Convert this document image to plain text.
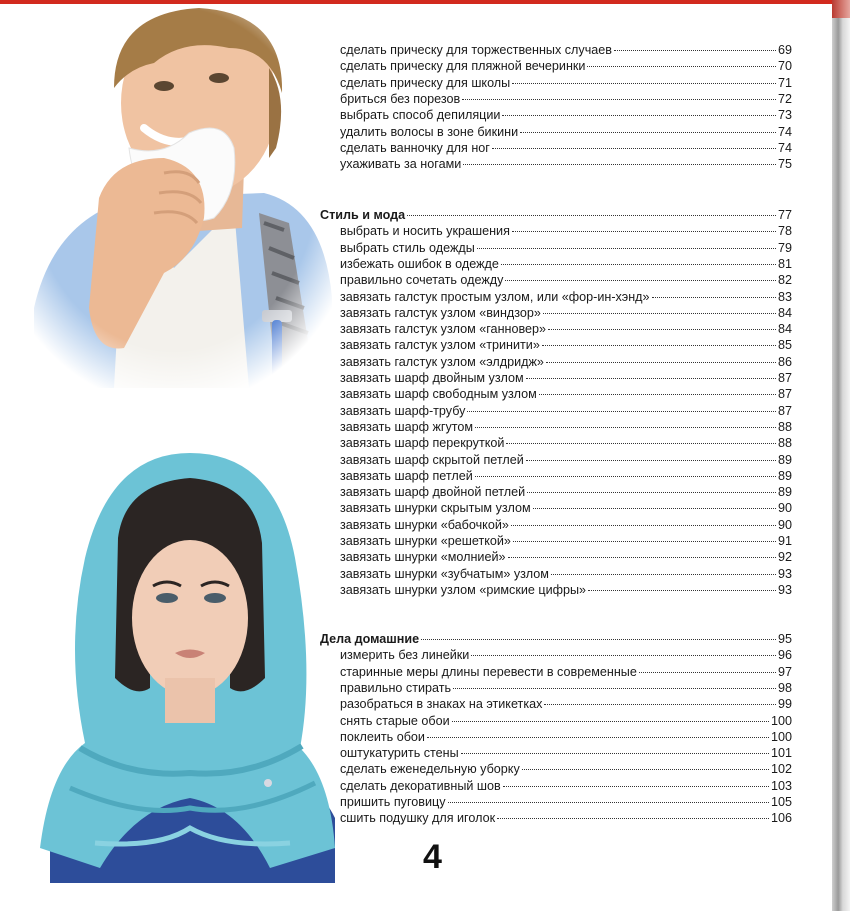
сделать прическу для торжественных случаев	69
сделать прическу для пляжной вечеринки	70
сделать прическу для школы	71
бриться без порезов	72
выбрать способ депиляции	73
удалить волосы в зоне бикини	74
сделать ванночку для ног	74
ухаживать за ногами	75
Стиль и мода	77
выбрать и носить украшения	78
выбрать стиль одежды	79
избежать ошибок в одежде	81
правильно сочетать одежду	82
завязать галстук простым узлом, или «фор-ин-хэнд»	83
завязать галстук узлом «виндзор»	84
завязать галстук узлом «ганновер»	84
завязать галстук узлом «тринити»	85
завязать галстук узлом «элдридж»	86
завязать шарф двойным узлом	87
завязать шарф свободным узлом	87
завязать шарф-трубу	87
завязать шарф жгутом	88
завязать шарф перекруткой	88
завязать шарф скрытой петлей	89
завязать шарф петлей	89
завязать шарф двойной петлей	89
завязать шнурки скрытым узлом	90
завязать шнурки «бабочкой»	90
завязать шнурки «решеткой»	91
завязать шнурки «молнией»	92
завязать шнурки «зубчатым» узлом	93
завязать шнурки узлом «римские цифры»	93
Дела домашние	95
измерить без линейки	96
старинные меры длины перевести в современные	97
правильно стирать	98
разобраться в знаках на этикетках	99
снять старые обои	100
поклеить обои	100
оштукатурить стены	101
сделать еженедельную уборку	102
сделать декоративный шов	103
пришить пуговицу	105
сшить подушку для иголок	106
4
